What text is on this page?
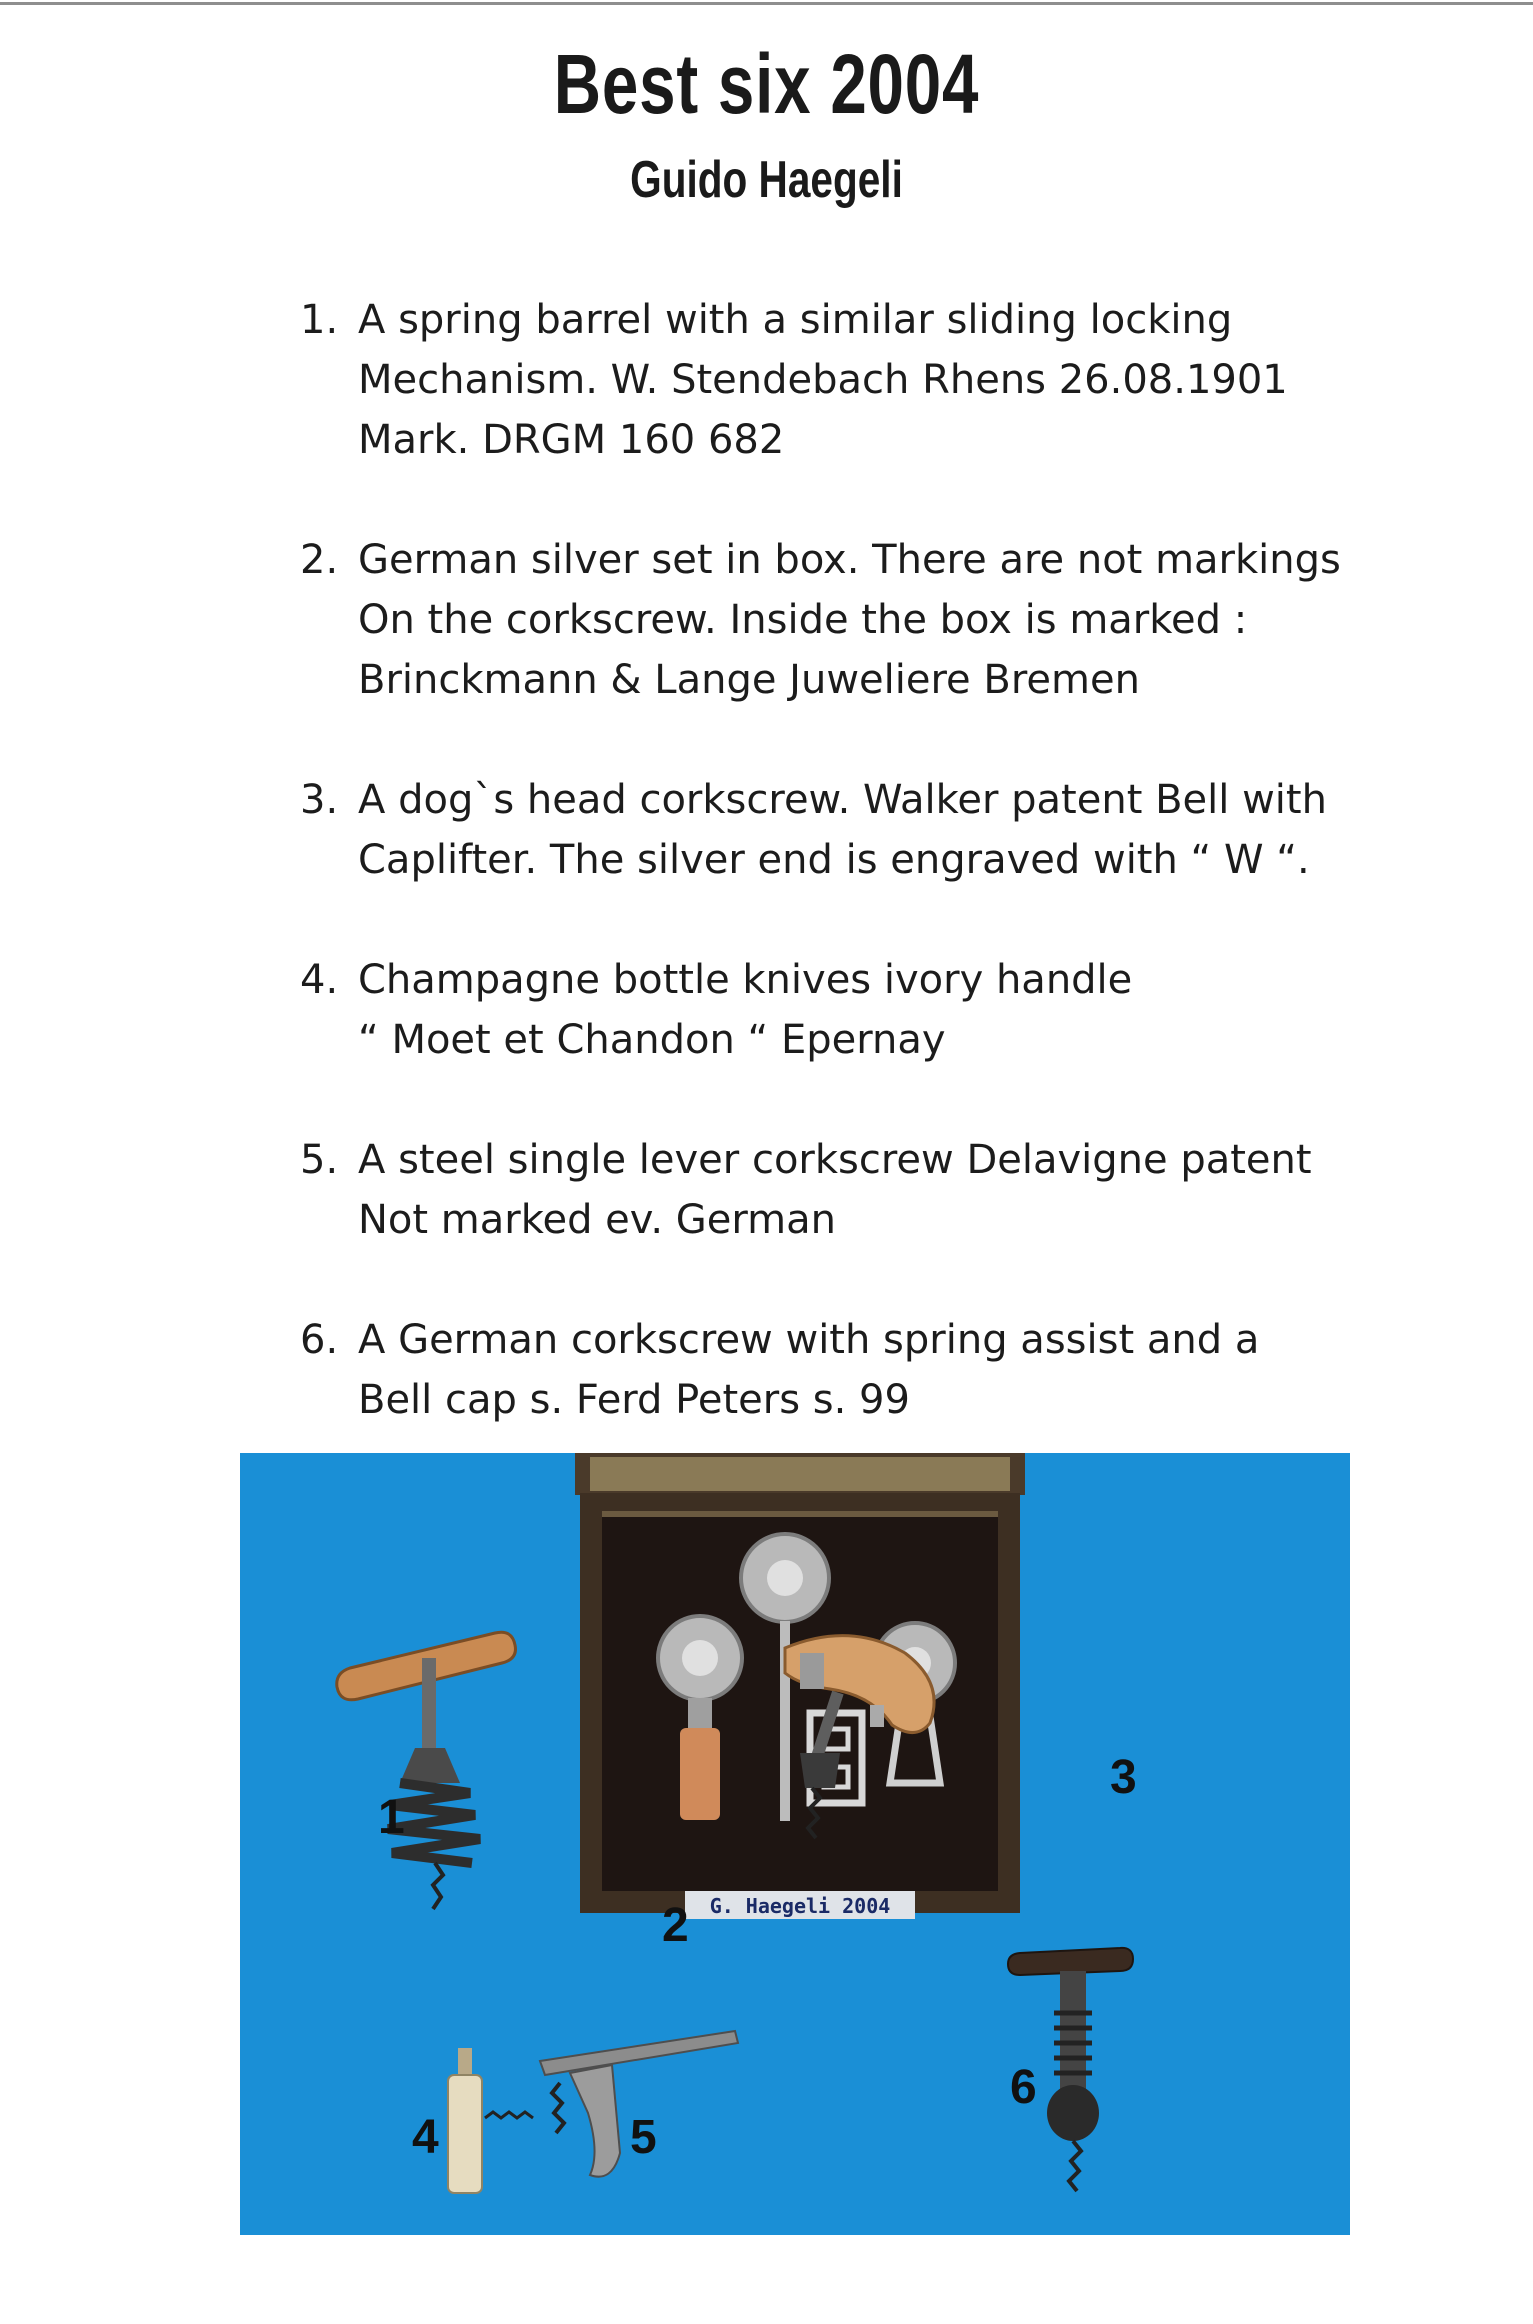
Best six 2004
Guido Haegeli
1. A spring barrel with a similar sliding locking
Mechanism. W. Stendebach Rhens 26.08.1901
Mark. DRGM 160 682
2. German silver set in box. There are not markings
On the corkscrew. Inside the box is marked :
Brinckmann & Lange Juweliere Bremen
3. A dog`s head corkscrew. Walker patent Bell with
Caplifter. The silver end is engraved with “ W “.
4. Champagne bottle knives ivory handle
“ Moet et Chandon “ Epernay
5. A steel single lever corkscrew Delavigne patent
Not marked ev. German
6. A German corkscrew with spring assist and a
Bell cap s. Ferd Peters s. 99
G. Haegeli 2004
1
2
3
4	5
6
